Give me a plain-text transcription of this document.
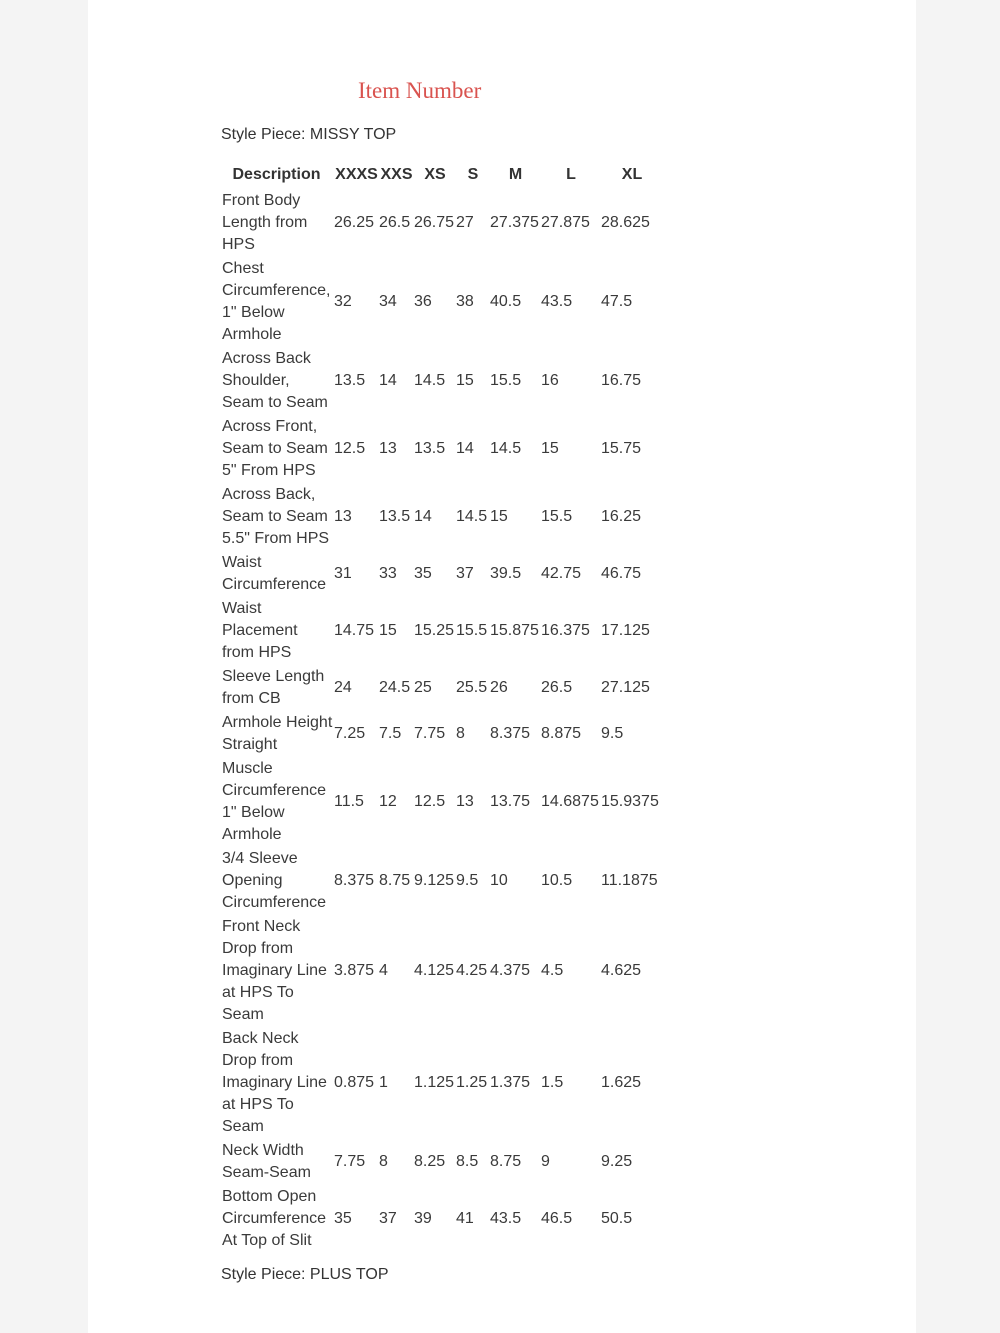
Item Number
Style Piece: MISSY TOP
Description	XXXS	XXS	XS	S	M	L	XL
Front Body Length from HPS	26.25	26.5	26.75	27	27.375	27.875	28.625
Chest Circumference, 1" Below Armhole	32	34	36	38	40.5	43.5	47.5
Across Back Shoulder, Seam to Seam	13.5	14	14.5	15	15.5	16	16.75
Across Front, Seam to Seam 5" From HPS	12.5	13	13.5	14	14.5	15	15.75
Across Back, Seam to Seam 5.5" From HPS	13	13.5	14	14.5	15	15.5	16.25
Waist Circumference	31	33	35	37	39.5	42.75	46.75
Waist Placement from HPS	14.75	15	15.25	15.5	15.875	16.375	17.125
Sleeve Length from CB	24	24.5	25	25.5	26	26.5	27.125
Armhole Height Straight	7.25	7.5	7.75	8	8.375	8.875	9.5
Muscle Circumference 1" Below Armhole	11.5	12	12.5	13	13.75	14.6875	15.9375
3/4 Sleeve Opening Circumference	8.375	8.75	9.125	9.5	10	10.5	11.1875
Front Neck Drop from Imaginary Line at HPS To Seam	3.875	4	4.125	4.25	4.375	4.5	4.625
Back Neck Drop from Imaginary Line at HPS To Seam	0.875	1	1.125	1.25	1.375	1.5	1.625
Neck Width Seam-Seam	7.75	8	8.25	8.5	8.75	9	9.25
Bottom Open Circumference At Top of Slit	35	37	39	41	43.5	46.5	50.5
Style Piece: PLUS TOP
